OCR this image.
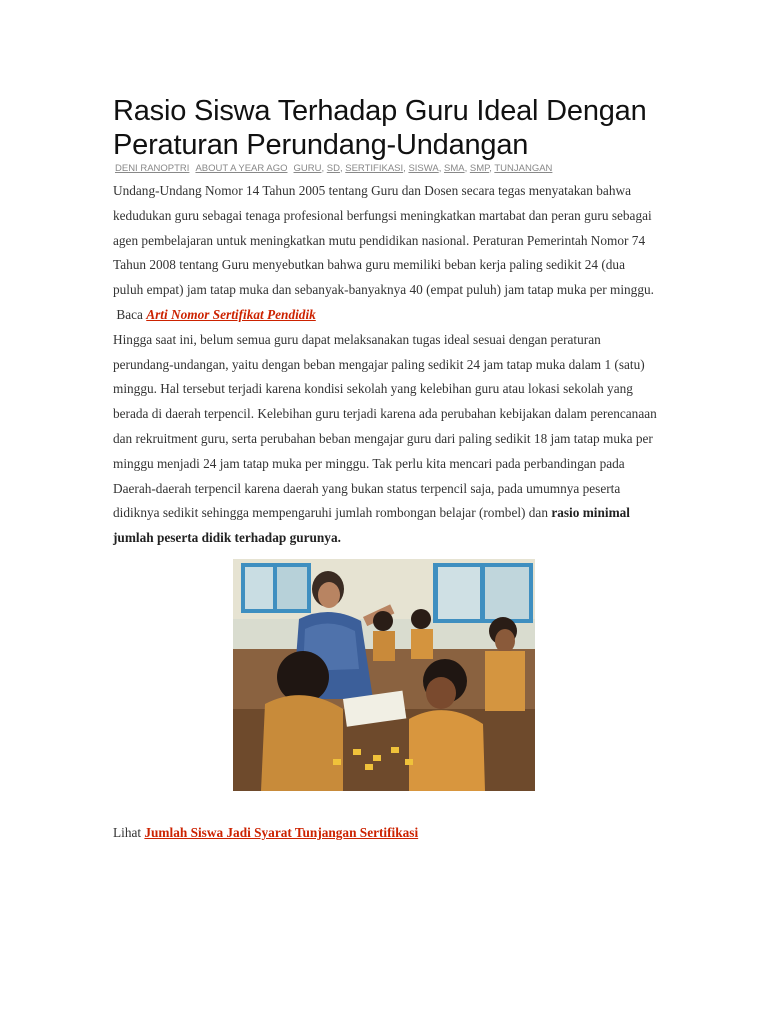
Rasio Siswa Terhadap Guru Ideal Dengan Peraturan Perundang-Undangan
DENI RANOPTRI ABOUT A YEAR AGO GURU, SD, SERTIFIKASI, SISWA, SMA, SMP, TUNJANGAN

Undang-Undang Nomor 14 Tahun 2005 tentang Guru dan Dosen secara tegas menyatakan bahwa kedudukan guru sebagai tenaga profesional berfungsi meningkatkan martabat dan peran guru sebagai agen pembelajaran untuk meningkatkan mutu pendidikan nasional. Peraturan Pemerintah Nomor 74 Tahun 2008 tentang Guru menyebutkan bahwa guru memiliki beban kerja paling sedikit 24 (dua puluh empat) jam tatap muka dan sebanyak-banyaknya 40 (empat puluh) jam tatap muka per minggu.

Baca Arti Nomor Sertifikat Pendidik

Hingga saat ini, belum semua guru dapat melaksanakan tugas ideal sesuai dengan peraturan perundang-undangan, yaitu dengan beban mengajar paling sedikit 24 jam tatap muka dalam 1 (satu) minggu. Hal tersebut terjadi karena kondisi sekolah yang kelebihan guru atau lokasi sekolah yang berada di daerah terpencil. Kelebihan guru terjadi karena ada perubahan kebijakan dalam perencanaan dan rekruitment guru, serta perubahan beban mengajar guru dari paling sedikit 18 jam tatap muka per minggu menjadi 24 jam tatap muka per minggu. Tak perlu kita mencari pada perbandingan pada Daerah-daerah terpencil karena daerah yang bukan status terpencil saja, pada umumnya peserta didiknya sedikit sehingga mempengaruhi jumlah rombongan belajar (rombel) dan rasio minimal jumlah peserta didik terhadap gurunya.

Lihat Jumlah Siswa Jadi Syarat Tunjangan Sertifikasi
